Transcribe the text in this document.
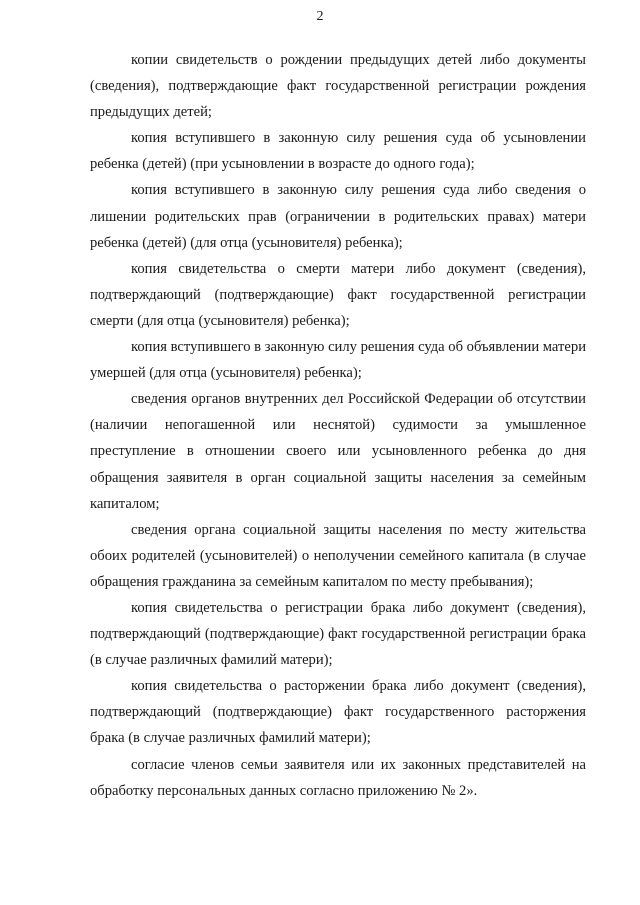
2

копии свидетельств о рождении предыдущих детей либо документы (сведения), подтверждающие факт государственной регистрации рождения предыдущих детей;

копия вступившего в законную силу решения суда об усыновлении ребенка (детей) (при усыновлении в возрасте до одного года);

копия вступившего в законную силу решения суда либо сведения о лишении родительских прав (ограничении в родительских правах) матери ребенка (детей) (для отца (усыновителя) ребенка);

копия свидетельства о смерти матери либо документ (сведения), подтверждающий (подтверждающие) факт государственной регистрации смерти (для отца (усыновителя) ребенка);

копия вступившего в законную силу решения суда об объявлении матери умершей (для отца (усыновителя) ребенка);

сведения органов внутренних дел Российской Федерации об отсутствии (наличии непогашенной или неснятой) судимости за умышленное преступление в отношении своего или усыновленного ребенка до дня обращения заявителя в орган социальной защиты населения за семейным капиталом;

сведения органа социальной защиты населения по месту жительства обоих родителей (усыновителей) о неполучении семейного капитала (в случае обращения гражданина за семейным капиталом по месту пребывания);

копия свидетельства о регистрации брака либо документ (сведения), подтверждающий (подтверждающие) факт государственной регистрации брака (в случае различных фамилий матери);

копия свидетельства о расторжении брака либо документ (сведения), подтверждающий (подтверждающие) факт государственного расторжения брака (в случае различных фамилий матери);

согласие членов семьи заявителя или их законных представителей на обработку персональных данных согласно приложению № 2».
